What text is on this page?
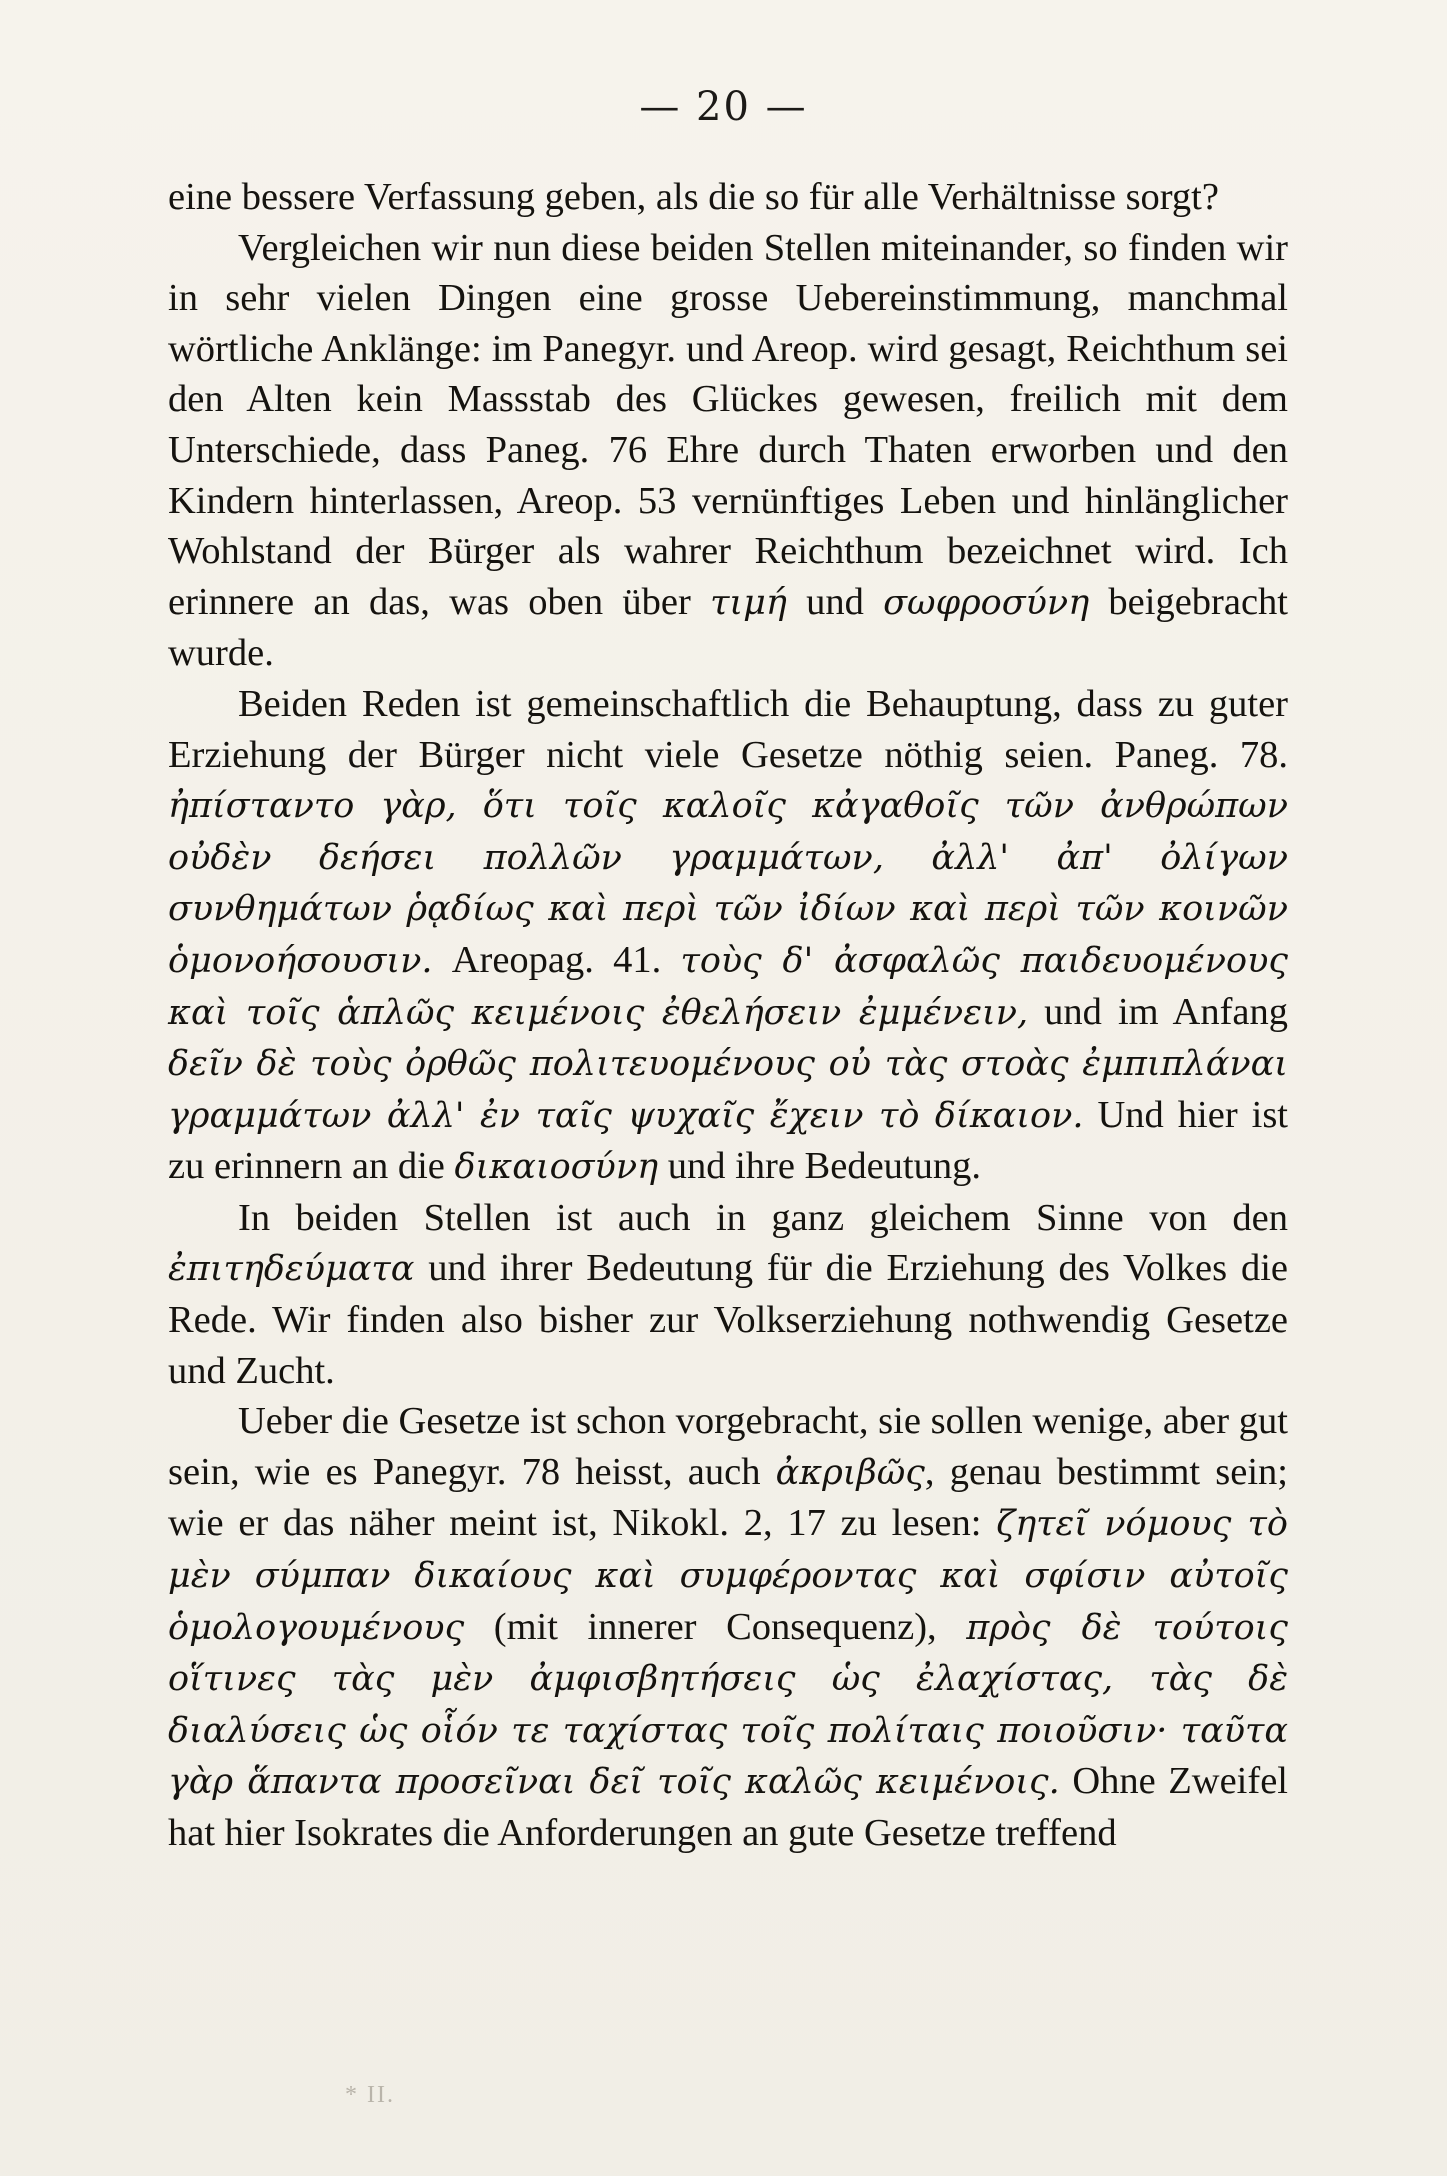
— 20 —

eine bessere Verfassung geben, als die so für alle Verhältnisse sorgt?

Vergleichen wir nun diese beiden Stellen miteinander, so finden wir in sehr vielen Dingen eine grosse Uebereinstimmung, manchmal wörtliche Anklänge: im Panegyr. und Areop. wird gesagt, Reichthum sei den Alten kein Massstab des Glückes gewesen, freilich mit dem Unterschiede, dass Paneg. 76 Ehre durch Thaten erworben und den Kindern hinterlassen, Areop. 53 vernünftiges Leben und hinlänglicher Wohlstand der Bürger als wahrer Reichthum bezeichnet wird. Ich erinnere an das, was oben über τιμή und σωφροσύνη beigebracht wurde.

Beiden Reden ist gemeinschaftlich die Behauptung, dass zu guter Erziehung der Bürger nicht viele Gesetze nöthig seien. Paneg. 78. ἠπίσταντο γὰρ, ὅτι τοῖς καλοῖς κἀγαθοῖς τῶν ἀνθρώπων οὐδὲν δεήσει πολλῶν γραμμάτων, ἀλλ' ἀπ' ὀλίγων συνθημάτων ῥᾳδίως καὶ περὶ τῶν ἰδίων καὶ περὶ τῶν κοινῶν ὁμονοήσουσιν. Areopag. 41. τοὺς δ' ἀσφαλῶς παιδευομένους καὶ τοῖς ἁπλῶς κειμένοις ἐθελήσειν ἐμμένειν, und im Anfang δεῖν δὲ τοὺς ὀρθῶς πολιτευομένους οὐ τὰς στοὰς ἐμπιπλάναι γραμμάτων ἀλλ' ἐν ταῖς ψυχαῖς ἔχειν τὸ δίκαιον. Und hier ist zu erinnern an die δικαιοσύνη und ihre Bedeutung.

In beiden Stellen ist auch in ganz gleichem Sinne von den ἐπιτηδεύματα und ihrer Bedeutung für die Erziehung des Volkes die Rede. Wir finden also bisher zur Volkserziehung nothwendig Gesetze und Zucht.

Ueber die Gesetze ist schon vorgebracht, sie sollen wenige, aber gut sein, wie es Panegyr. 78 heisst, auch ἀκριβῶς, genau bestimmt sein; wie er das näher meint ist, Nikokl. 2, 17 zu lesen: ζητεῖ νόμους τὸ μὲν σύμπαν δικαίους καὶ συμφέροντας καὶ σφίσιν αὐτοῖς ὁμολογουμένους (mit innerer Consequenz), πρὸς δὲ τούτοις οἵτινες τὰς μὲν ἀμφισβητήσεις ὡς ἐλαχίστας, τὰς δὲ διαλύσεις ὡς οἷόν τε ταχίστας τοῖς πολίταις ποιοῦσιν· ταῦτα γὰρ ἅπαντα προσεῖναι δεῖ τοῖς καλῶς κειμένοις. Ohne Zweifel hat hier Isokrates die Anforderungen an gute Gesetze treffend

* II.
